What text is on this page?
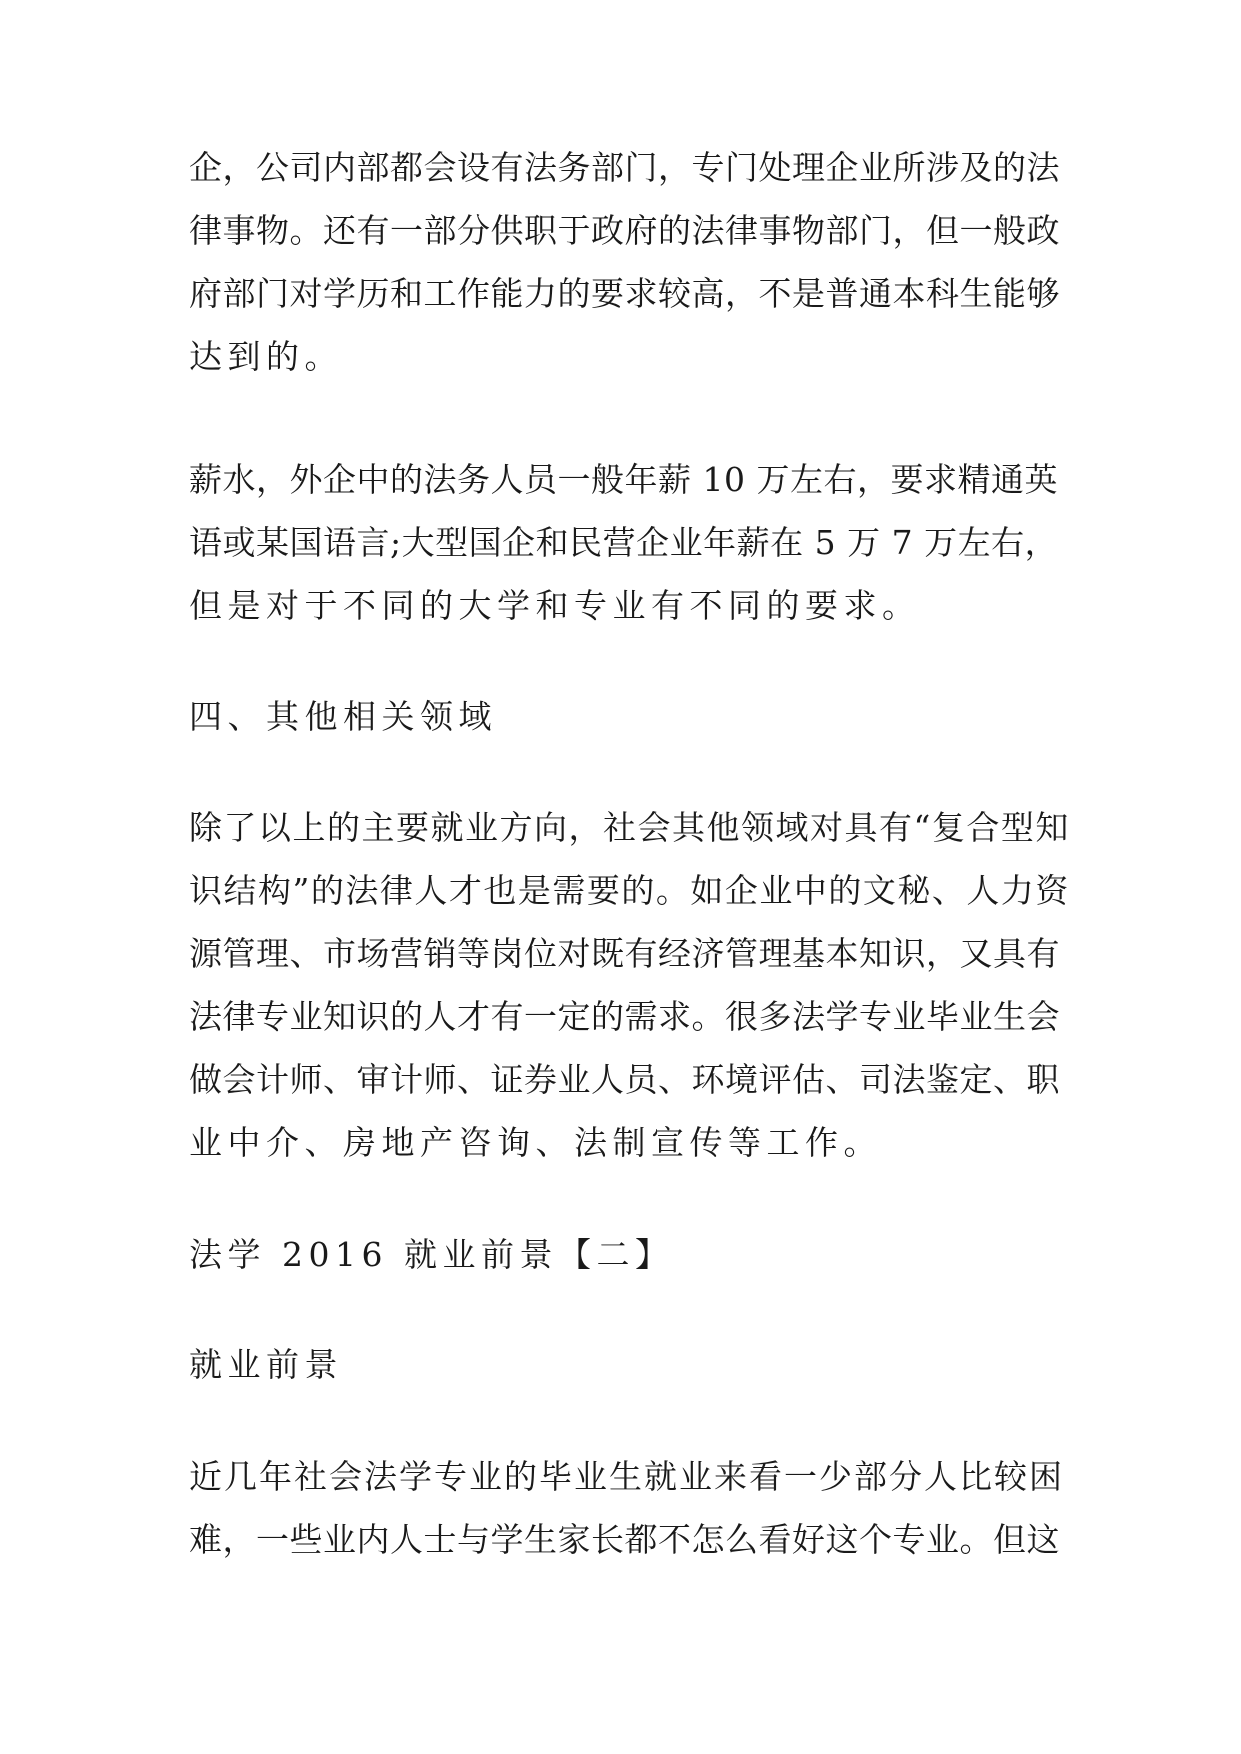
企，公司内部都会设有法务部门，专门处理企业所涉及的法

律事物。还有一部分供职于政府的法律事物部门，但一般政

府部门对学历和工作能力的要求较高，不是普通本科生能够

达到的。

薪水，外企中的法务人员一般年薪 10 万左右，要求精通英

语或某国语言;大型国企和民营企业年薪在 5 万 7 万左右，

但是对于不同的大学和专业有不同的要求。

四、其他相关领域

除了以上的主要就业方向，社会其他领域对具有“复合型知

识结构”的法律人才也是需要的。如企业中的文秘、人力资

源管理、市场营销等岗位对既有经济管理基本知识，又具有

法律专业知识的人才有一定的需求。很多法学专业毕业生会

做会计师、审计师、证券业人员、环境评估、司法鉴定、职

业中介、房地产咨询、法制宣传等工作。

法学 2016 就业前景【二】

就业前景

近几年社会法学专业的毕业生就业来看一少部分人比较困

难，一些业内人士与学生家长都不怎么看好这个专业。但这
